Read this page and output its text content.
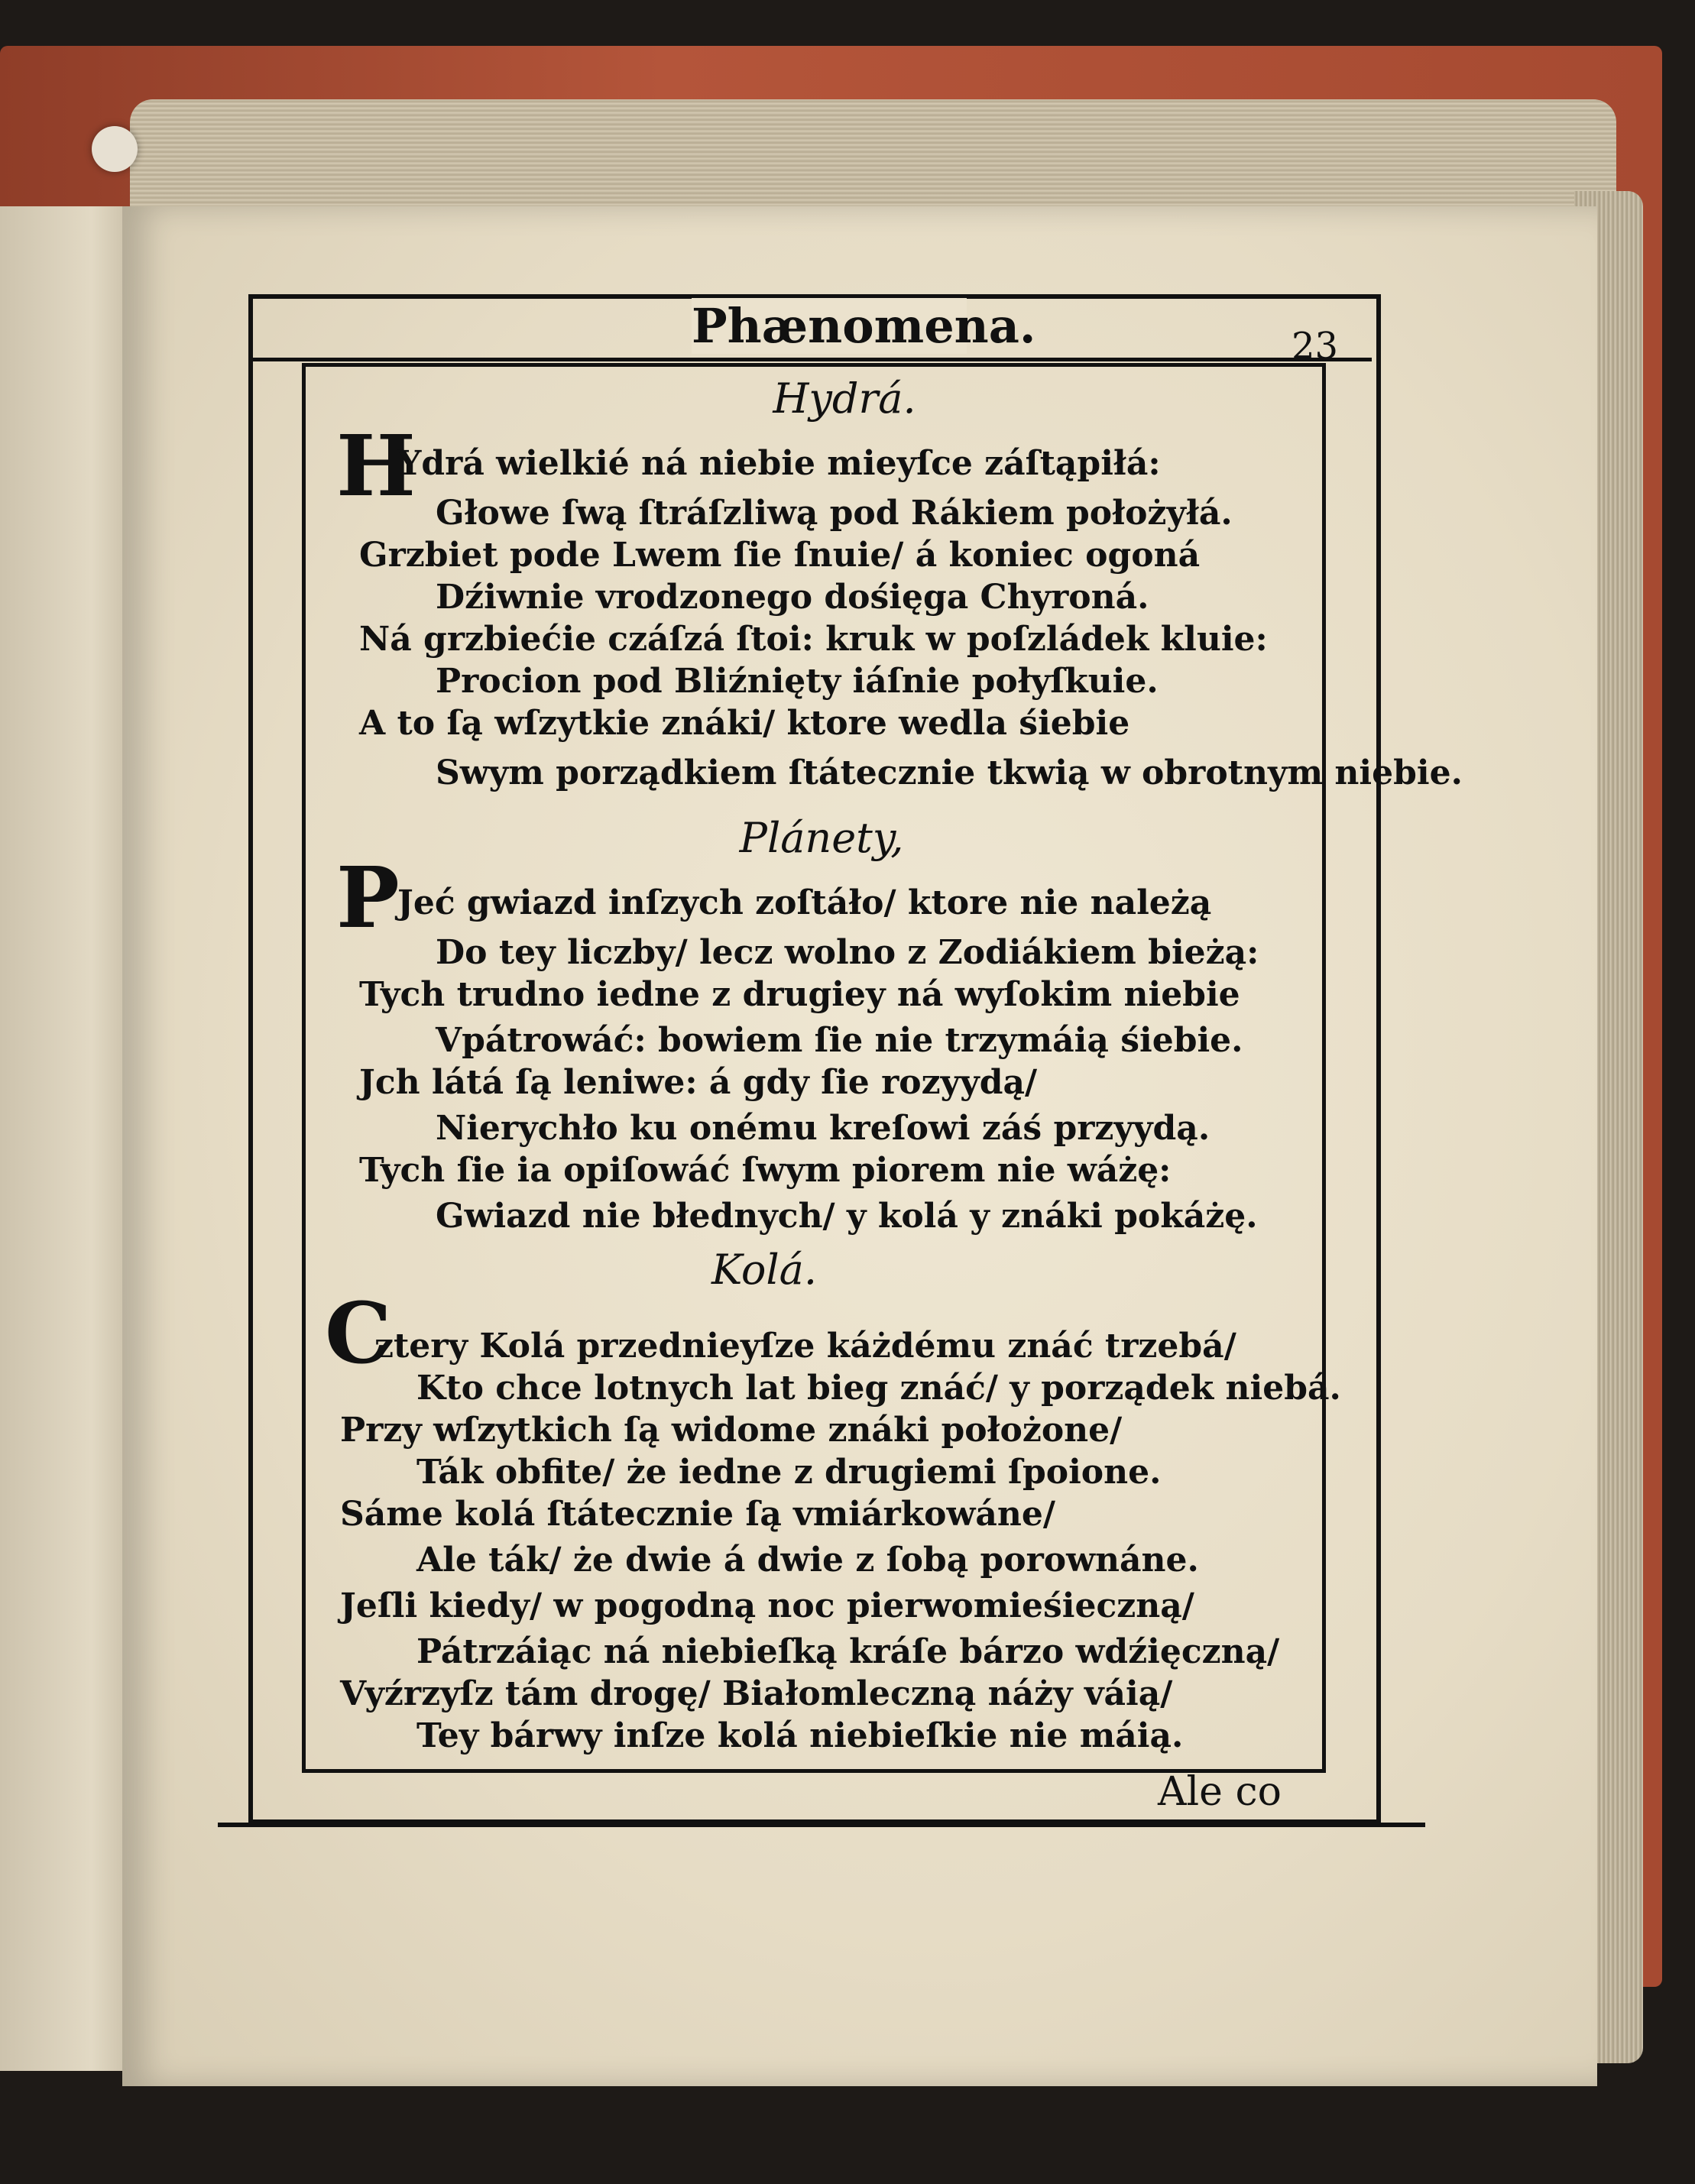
Phænomena.	23
Hydrá.
H
Ydrá wielkié ná niebie mieyſce záſtąpiłá:
Głowe ſwą ſtráſzliwą pod Rákiem położyłá.
Grzbiet pode Lwem ſie ſnuie/ á koniec ogoná
Dźiwnie vrodzonego dośięga Chyroná.
Ná grzbiećie czáſzá ſtoi: kruk w poſzládek kluie:
Procion pod Bliźnięty iáſnie połyſkuie.
A to ſą wſzytkie znáki/ ktore wedla śiebie
Swym porządkiem ſtátecznie tkwią w obrotnym niebie.
Plánety,
P
Jeć gwiazd inſzych zoſtáło/ ktore nie należą
Do tey liczby/ lecz wolno z Zodiákiem bieżą:
Tych trudno iedne z drugiey ná wyſokim niebie
Vpátrowáć: bowiem ſie nie trzymáią śiebie.
Jch látá ſą leniwe: á gdy ſie rozyydą/
Nierychło ku onému kreſowi záś przyydą.
Tych ſie ia opiſowáć ſwym piorem nie wáżę:
Gwiazd nie błednych/ y kolá y znáki pokáżę.
Kolá.
C
ztery Kolá przednieyſze káżdému znáć trzebá/
Kto chce lotnych lat bieg znáć/ y porządek niebá.
Przy wſzytkich ſą widome znáki położone/
Ták obfite/ że iedne z drugiemi ſpoione.
Sáme kolá ſtátecznie ſą vmiárkowáne/
Ale ták/ że dwie á dwie z ſobą porownáne.
Jeſli kiedy/ w pogodną noc pierwomieśieczną/
Pátrzáiąc ná niebieſką kráſe bárzo wdźięczną/
Vyźrzyſz tám drogę/ Białomleczną náży váią/
Tey bárwy inſze kolá niebieſkie nie máią.
Ale co
